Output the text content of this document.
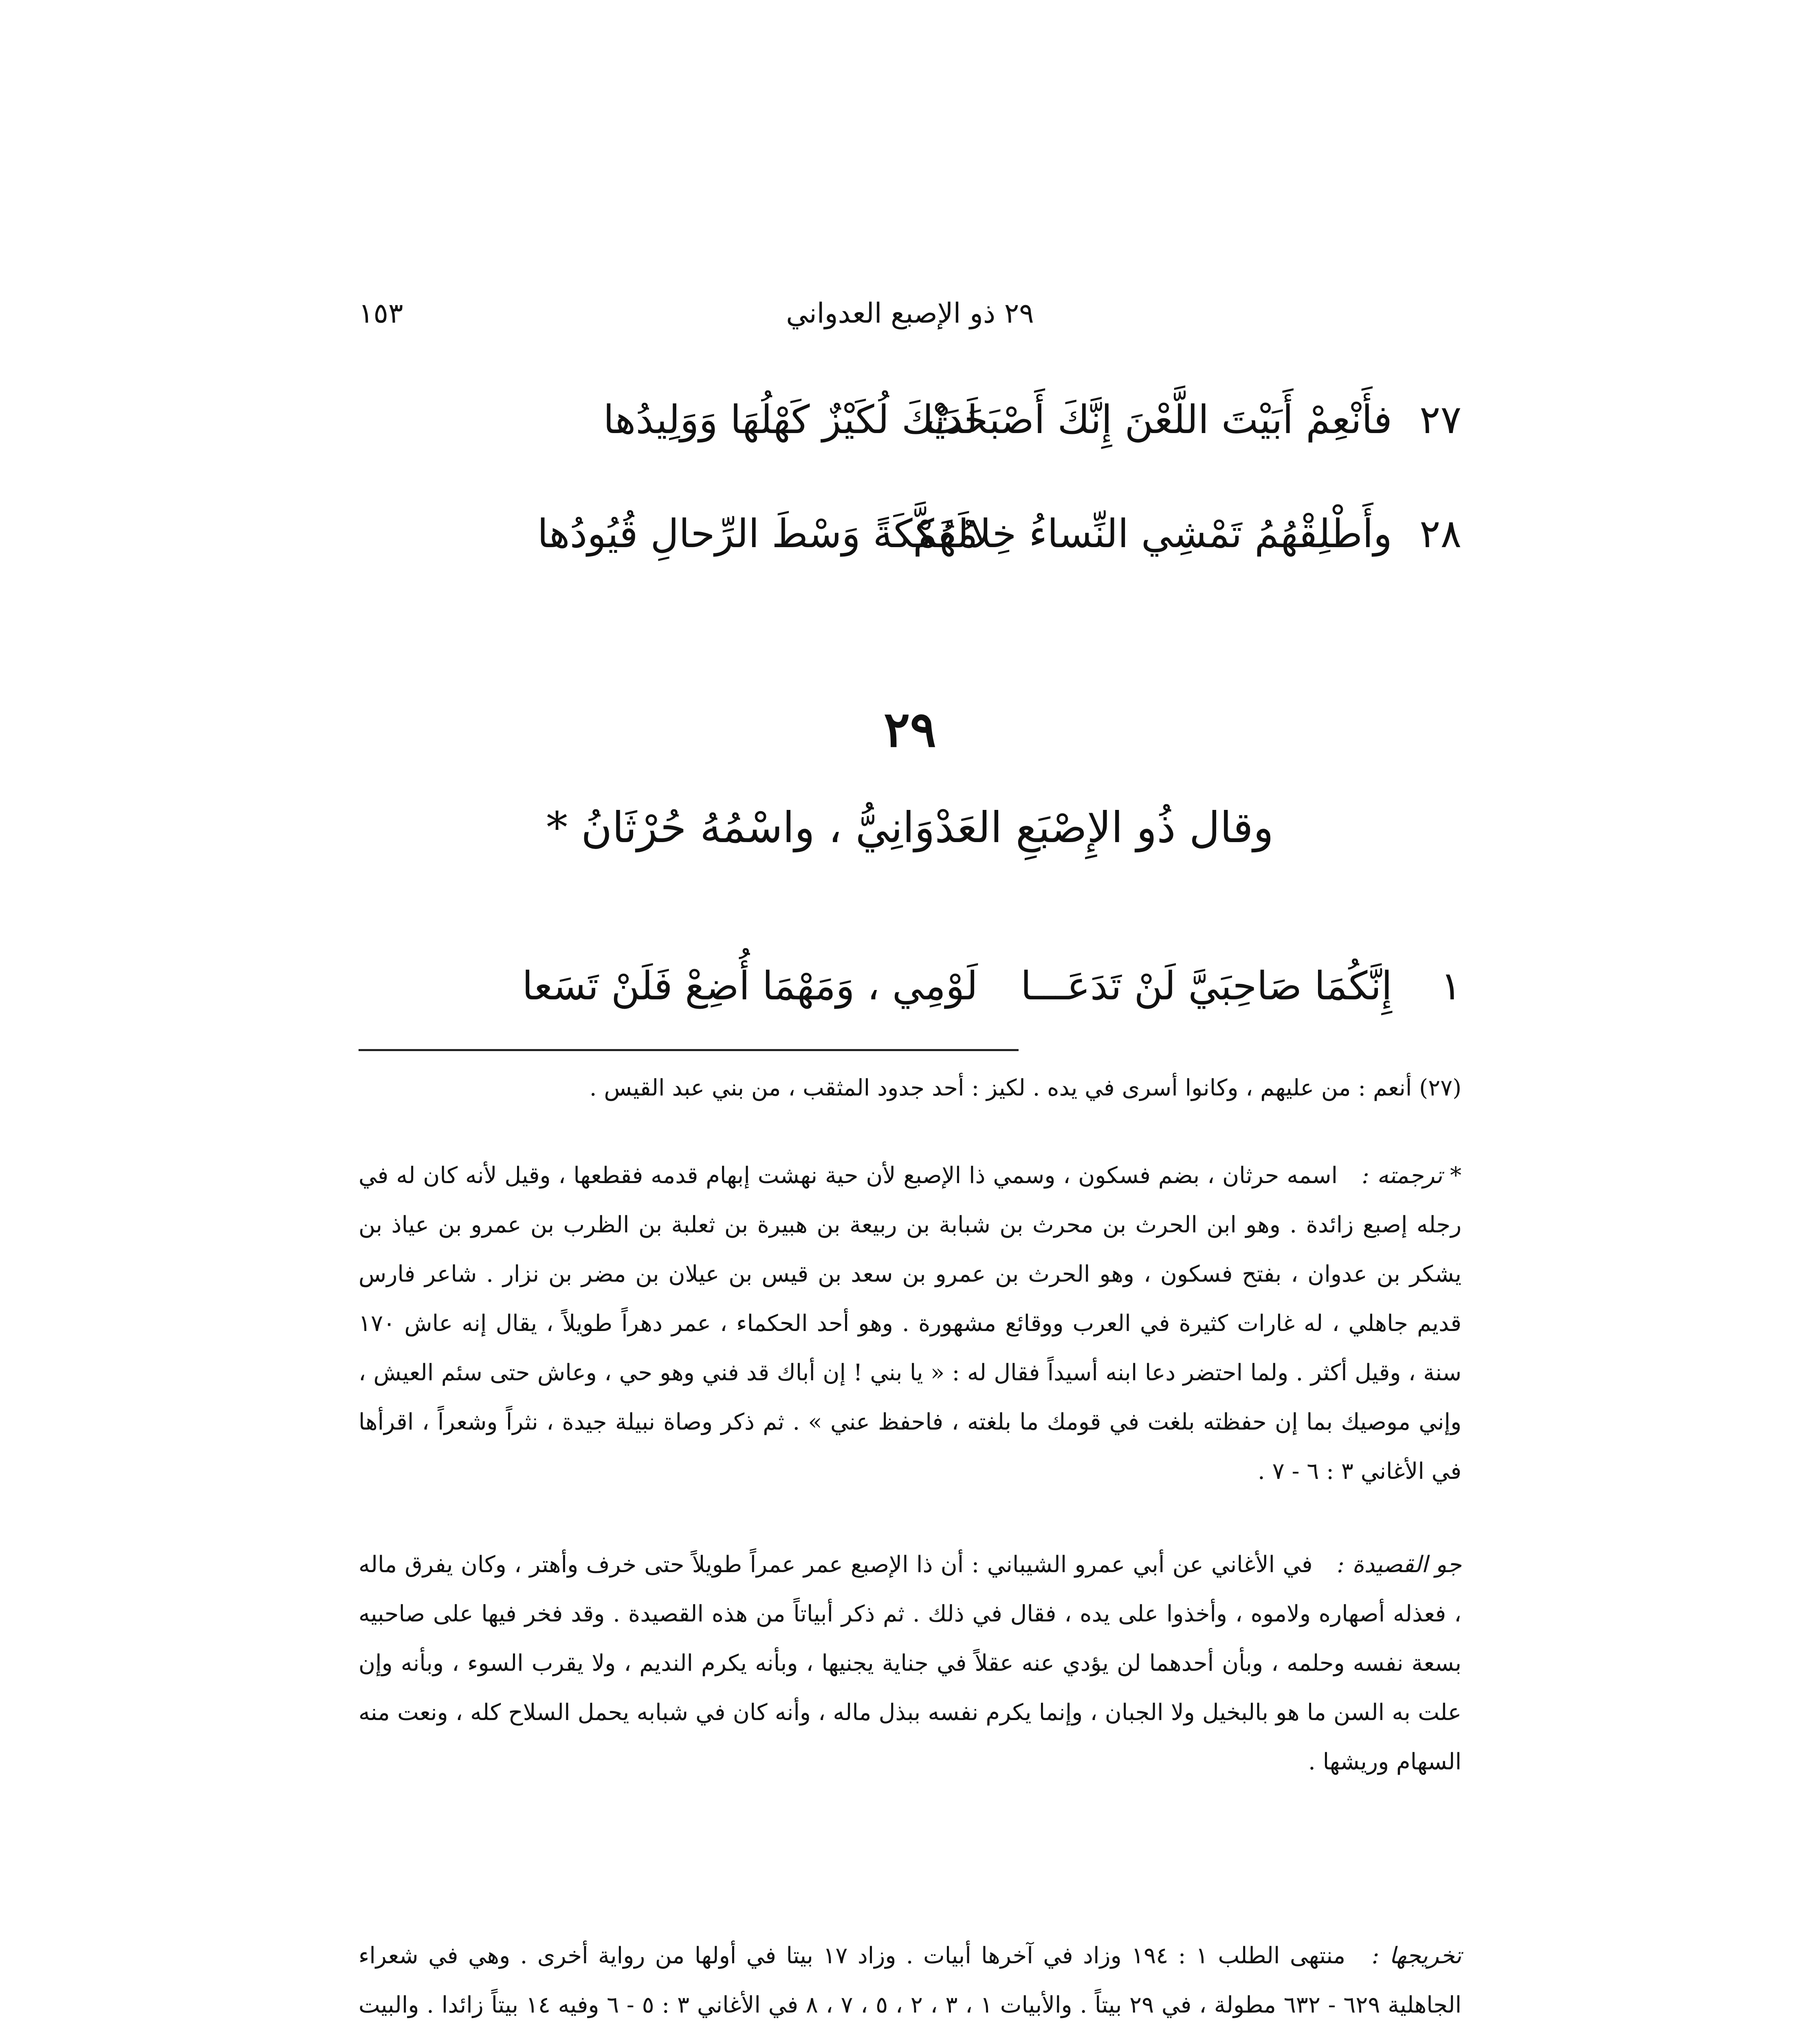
٢٩ ذو الإصبع العدواني
١٥٣
٢٧
فأَنْعِمْ أَبَيْتَ اللَّعْنَ إِنَّكَ أَصْبَحَتْ
لَدَيْكَ لُكَيْزٌ كَهْلُهَا وَوَلِيدُها
٢٨
وأَطْلِقْهُمُ تَمْشِي النِّساءُ خِلالَهُمْ
مُفَكَّكَةً وَسْطَ الرِّحالِ قُيُودُها
٢٩
وقال ذُو الإِصْبَعِ العَدْوَانِيُّ ، واسْمُهُ حُرْثَانُ *
١
إِنَّكُمَا صَاحِبَيَّ لَنْ تَدَعَـــا
لَوْمِي ، وَمَهْمَا أُضِعْ فَلَنْ تَسَعا
(٢٧) أنعم : من عليهم ، وكانوا أسرى في يده . لكيز : أحد جدود المثقب ، من بني عبد القيس .
* ترجمته : اسمه حرثان ، بضم فسكون ، وسمي ذا الإصبع لأن حية نهشت إبهام قدمه فقطعها ، وقيل لأنه كان له في رجله إصبع زائدة . وهو ابن الحرث بن محرث بن شبابة بن ربيعة بن هبيرة بن ثعلبة بن الظرب بن عمرو بن عياذ بن يشكر بن عدوان ، بفتح فسكون ، وهو الحرث بن عمرو بن سعد بن قيس بن عيلان بن مضر بن نزار . شاعر فارس قديم جاهلي ، له غارات كثيرة في العرب ووقائع مشهورة . وهو أحد الحكماء ، عمر دهراً طويلاً ، يقال إنه عاش ١٧٠ سنة ، وقيل أكثر . ولما احتضر دعا ابنه أسيداً فقال له : « يا بني ! إن أباك قد فني وهو حي ، وعاش حتى سئم العيش ، وإني موصيك بما إن حفظته بلغت في قومك ما بلغته ، فاحفظ عني » . ثم ذكر وصاة نبيلة جيدة ، نثراً وشعراً ، اقرأها في الأغاني ٣ : ٦ - ٧ .
جو القصيدة : في الأغاني عن أبي عمرو الشيباني : أن ذا الإصبع عمر عمراً طويلاً حتى خرف وأهتر ، وكان يفرق ماله ، فعذله أصهاره ولاموه ، وأخذوا على يده ، فقال في ذلك . ثم ذكر أبياتاً من هذه القصيدة . وقد فخر فيها على صاحبيه بسعة نفسه وحلمه ، وبأن أحدهما لن يؤدي عنه عقلاً في جناية يجنيها ، وبأنه يكرم النديم ، ولا يقرب السوء ، وبأنه وإن علت به السن ما هو بالبخيل ولا الجبان ، وإنما يكرم نفسه ببذل ماله ، وأنه كان في شبابه يحمل السلاح كله ، ونعت منه السهام وريشها .
تخريجها : منتهى الطلب ١ : ١٩٤ وزاد في آخرها أبيات . وزاد ١٧ بيتا في أولها من رواية أخرى . وهي في شعراء الجاهلية ٦٢٩ - ٦٣٢ مطولة ، في ٢٩ بيتاً . والأبيات ١ ، ٣ ، ٢ ، ٥ ، ٧ ، ٨ في الأغاني ٣ : ٥ - ٦ وفيه ١٤ بيتاً زائدا . والبيت
